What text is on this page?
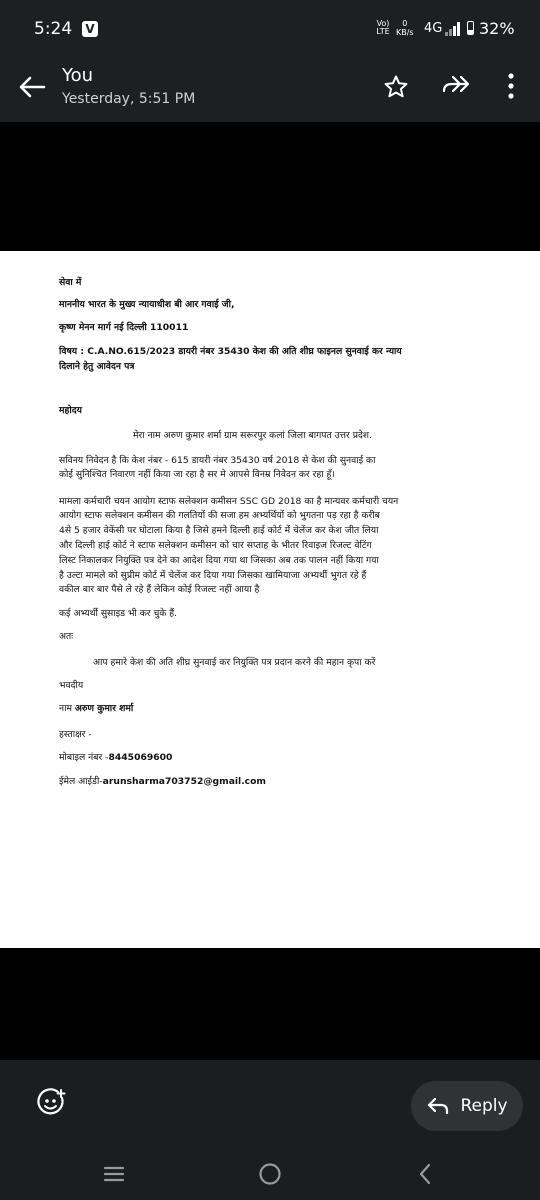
5:24 V	Vo) LTE
0
KB/s 4G 32%
You
Yesterday, 5:51 PM
सेवा में
माननीय भारत के मुख्य न्यायाधीश बी आर गवाई जी,
कृष्ण मेनन मार्ग नई दिल्ली 110011
विषय : C.A.NO.615/2023 डायरी नंबर 35430 केश की अति शीघ्र फाइनल सुनवाई कर न्याय
दिलाने हेतु आवेदन पत्र
महोदय
मेरा नाम अरुण कुमार शर्मा ग्राम सरूरपुर कलां जिला बागपत उत्तर प्रदेश.
सविनय निवेदन है कि केश नंबर - 615 डायरी नंबर 35430 वर्ष 2018 से केश की सुनवाई का
कोई सुनिश्चित निवारण नहीं किया जा रहा है सर मे आपसे विनम्र निवेदन कर रहा हूँ।
मामला कर्मचारी चयन आयोग स्टाफ सलेक्शन कमीसन SSC GD 2018 का है मान्यवर कर्मचारी चयन
आयोग स्टाफ सलेक्शन कमीसन की गलतियों की सजा हम अभ्यर्थियों को भुगतना पड़ रहा है करीब
4से 5 हजार वेकेंसी पर घोटाला किया है जिसे हमने दिल्ली हाई कोर्ट में चेलेंज कर केश जीत लिया
और दिल्ली हाई कोर्ट ने स्टाफ सलेक्शन कमीसन को चार सप्ताह के भीतर रिवाइज रिजल्ट वेटिंग
लिस्ट निकालकर नियुक्ति पत्र देने का आदेश दिया गया था जिसका अब तक पालन नहीं किया गया
है उल्टा मामले को सुप्रीम कोर्ट में चेलेंज कर दिया गया जिसका खामियाजा अभ्यर्थी भुगत रहे हैं
वकील बार बार पैसे ले रहे हैं लेकिन कोई रिजल्ट नहीं आया है
कई अभ्यर्थी सुसाइड भी कर चुके हैं.
अतः
आप हमारे केश की अति शीघ्र सुनवाई कर नियुक्ति पत्र प्रदान करने की महान कृपा करें
भवदीय
नाम अरुण कुमार शर्मा
हस्ताक्षर -
मोबाइल नंबर -8445069600
ईमेल आईडी-arunsharma703752@gmail.com
Reply
